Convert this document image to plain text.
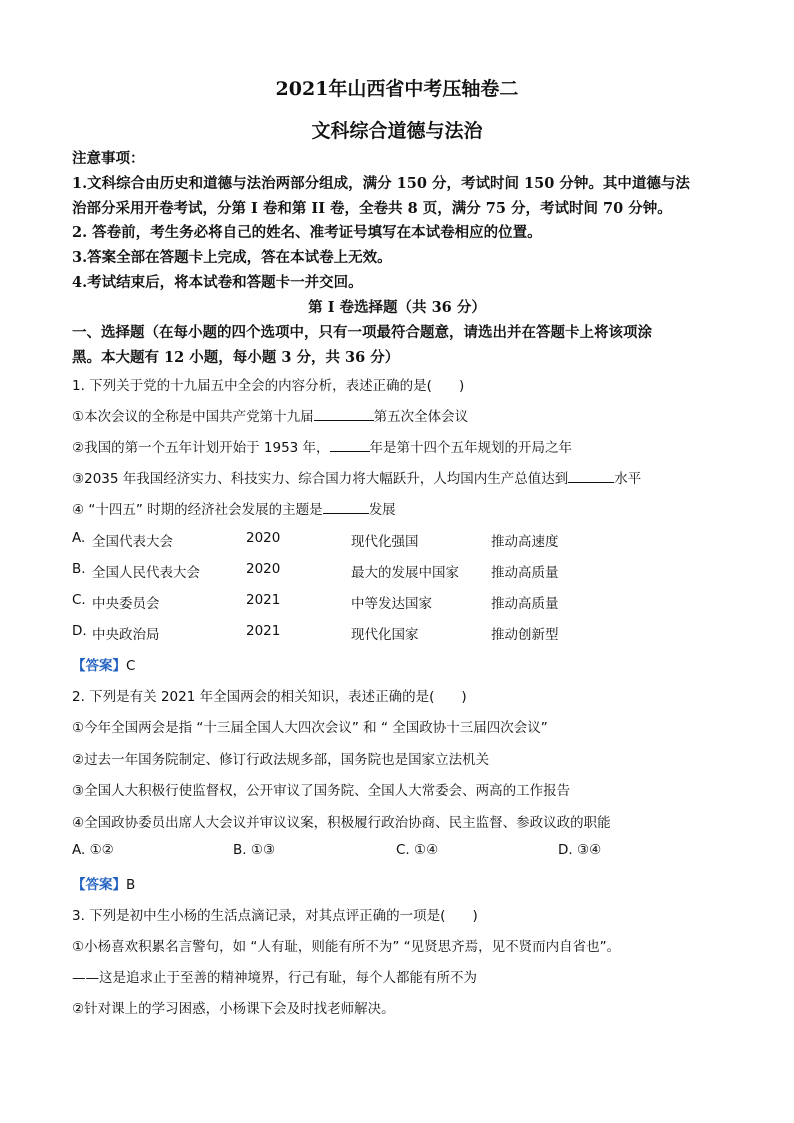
2021年山西省中考压轴卷二
文科综合道德与法治
注意事项：
1.文科综合由历史和道德与法治两部分组成，满分 150 分，考试时间 150 分钟。其中道德与法
治部分采用开卷考试，分第 I 卷和第 II 卷，全卷共 8 页，满分 75 分，考试时间 70 分钟。
2. 答卷前，考生务必将自己的姓名、准考证号填写在本试卷相应的位置。
3.答案全部在答题卡上完成，答在本试卷上无效。
4.考试结束后，将本试卷和答题卡一并交回。
第 I 卷选择题（共 36 分）
一、选择题（在每小题的四个选项中，只有一项最符合题意，请选出并在答题卡上将该项涂
黑。本大题有 12 小题，每小题 3 分，共 36 分）
1. 下列关于党的十九届五中全会的内容分析，表述正确的是(　　)
①本次会议的全称是中国共产党第十九届	第五次全体会议
②我国的第一个五年计划开始于 1953 年，	年是第十四个五年规划的开局之年
③2035 年我国经济实力、科技实力、综合国力将大幅跃升，人均国内生产总值达到	水平
④ “十四五” 时期的经济社会发展的主题是	发展
A. 全国代表大会	2020	现代化强国	推动高速度
B. 全国人民代表大会	2020	最大的发展中国家 推动高质量
C. 中央委员会	2021	中等发达国家	推动高质量
D. 中央政治局	2021	现代化国家	推动创新型
【答案】C
2. 下列是有关 2021 年全国两会的相关知识，表述正确的是(　　)
①今年全国两会是指 “十三届全国人大四次会议” 和 “ 全国政协十三届四次会议”
②过去一年国务院制定、修订行政法规多部，国务院也是国家立法机关
③全国人大积极行使监督权，公开审议了国务院、全国人大常委会、两高的工作报告
④全国政协委员出席人大会议并审议议案，积极履行政治协商、民主监督、参政议政的职能
A. ①②	B. ①③	C. ①④	D. ③④
【答案】B
3. 下列是初中生小杨的生活点滴记录，对其点评正确的一项是(　　)
①小杨喜欢积累名言警句，如 “人有耻，则能有所不为” “见贤思齐焉，见不贤而内自省也”。
——这是追求止于至善的精神境界，行己有耻，每个人都能有所不为
②针对课上的学习困惑，小杨课下会及时找老师解决。
